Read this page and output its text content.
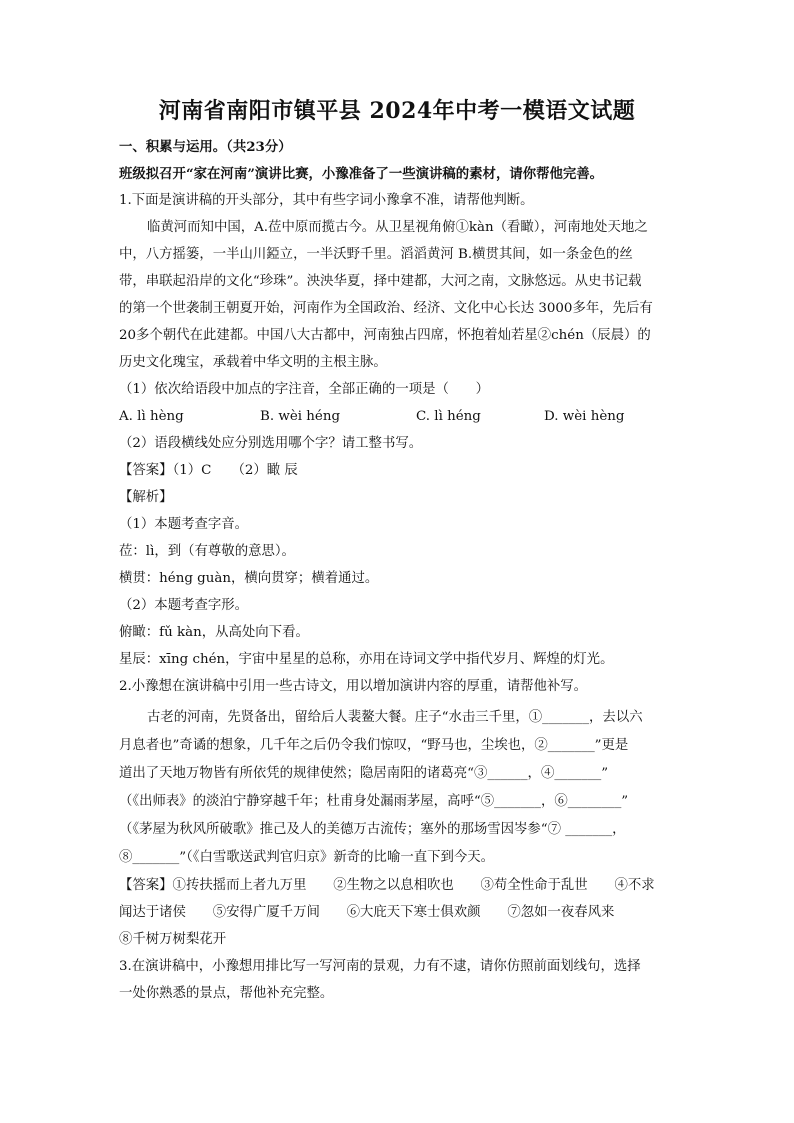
河南省南阳市镇平县 2024年中考一模语文试题
一、积累与运用。（共23分）
班级拟召开“家在河南”演讲比赛，小豫准备了一些演讲稿的素材，请你帮他完善。
1.下面是演讲稿的开头部分，其中有些字词小豫拿不准，请帮他判断。
临黄河而知中国，A.莅中原而揽古今。从卫星视角俯①kàn（看瞰），河南地处天地之
中，八方摇篓，一半山川錏立，一半沃野千里。滔滔黄河 B.横贯其间，如一条金色的丝
带，串联起沿岸的文化“珍珠”。泱泱华夏，择中建都，大河之南，文脉悠远。从史书记载
的第一个世袭制王朝夏开始，河南作为全国政治、经济、文化中心长达 3000多年，先后有
20多个朝代在此建都。中国八大古都中，河南独占四席，怀抱着灿若星②chén（辰晨）的
历史文化瑰宝，承载着中华文明的主根主脉。
（1）依次给语段中加点的字注音，全部正确的一项是（　　）
A. lì hèng	B. wèi héng	C. lì héng	D. wèi hèng
（2）语段横线处应分别选用哪个字？请工整书写。
【答案】（1）C　　（2）瞰 辰
【解析】
（1）本题考查字音。
莅：lì，到（有尊敬的意思）。
横贯：héng guàn，横向贯穿；横着通过。
（2）本题考查字形。
俯瞰：fǔ kàn，从高处向下看。
星辰：xīng chén，宇宙中星星的总称，亦用在诗词文学中指代岁月、辉煌的灯光。
2.小豫想在演讲稿中引用一些古诗文，用以增加演讲内容的厚重，请帮他补写。
古老的河南，先贤备出，留给后人裴鳌大餐。庄子“水击三千里，①_______，去以六
月息者也”奇谲的想象，几千年之后仍令我们惊叹，“野马也，尘埃也，②_______”更是
道出了天地万物皆有所依凭的规律使然；隐居南阳的诸葛亮“③______，④_______”
（《出师表》的淡泊宁静穿越千年；杜甫身处漏雨茅屋，高呼“⑤_______，⑥________”
（《茅屋为秋风所破歌》推己及人的美德万古流传；塞外的那场雪因岑参“⑦ _______，
⑧_______”（《白雪歌送武判官归京》新奇的比喻一直下到今天。
【答案】①抟扶摇而上者九万里　　②生物之以息相吹也　　③苟全性命于乱世　　④不求
闻达于诸侯　　⑤安得广厦千万间　　⑥大庇天下寒士俱欢颜　　⑦忽如一夜春风来
⑧千树万树梨花开
3.在演讲稿中，小豫想用排比写一写河南的景观，力有不逮，请你仿照前面划线句，选择
一处你熟悉的景点，帮他补充完整。
